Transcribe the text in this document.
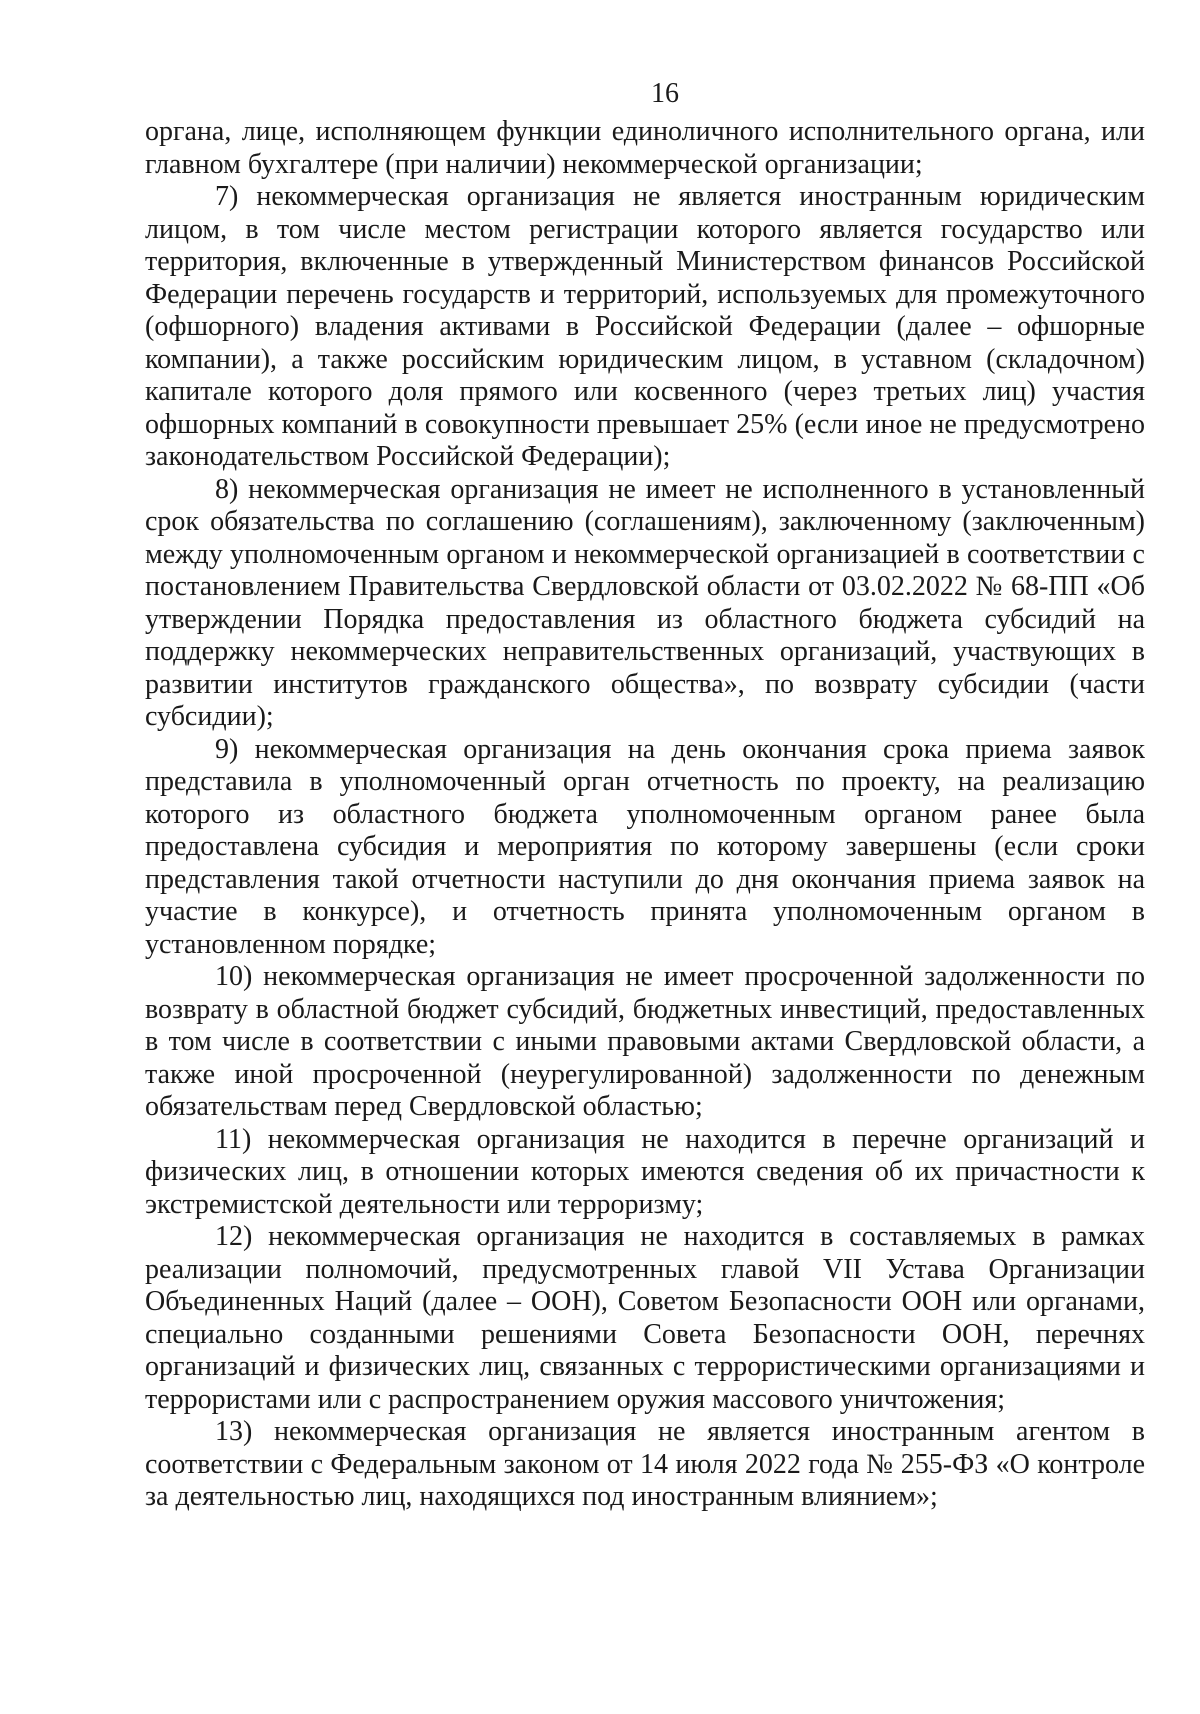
16

органа, лице, исполняющем функции единоличного исполнительного органа, или главном бухгалтере (при наличии) некоммерческой организации;

7) некоммерческая организация не является иностранным юридическим лицом, в том числе местом регистрации которого является государство или территория, включенные в утвержденный Министерством финансов Российской Федерации перечень государств и территорий, используемых для промежуточного (офшорного) владения активами в Российской Федерации (далее – офшорные компании), а также российским юридическим лицом, в уставном (складочном) капитале которого доля прямого или косвенного (через третьих лиц) участия офшорных компаний в совокупности превышает 25% (если иное не предусмотрено законодательством Российской Федерации);

8) некоммерческая организация не имеет не исполненного в установленный срок обязательства по соглашению (соглашениям), заключенному (заключенным) между уполномоченным органом и некоммерческой организацией в соответствии с постановлением Правительства Свердловской области от 03.02.2022 № 68-ПП «Об утверждении Порядка предоставления из областного бюджета субсидий на поддержку некоммерческих неправительственных организаций, участвующих в развитии институтов гражданского общества», по возврату субсидии (части субсидии);

9) некоммерческая организация на день окончания срока приема заявок представила в уполномоченный орган отчетность по проекту, на реализацию которого из областного бюджета уполномоченным органом ранее была предоставлена субсидия и мероприятия по которому завершены (если сроки представления такой отчетности наступили до дня окончания приема заявок на участие в конкурсе), и отчетность принята уполномоченным органом в установленном порядке;

10) некоммерческая организация не имеет просроченной задолженности по возврату в областной бюджет субсидий, бюджетных инвестиций, предоставленных в том числе в соответствии с иными правовыми актами Свердловской области, а также иной просроченной (неурегулированной) задолженности по денежным обязательствам перед Свердловской областью;

11) некоммерческая организация не находится в перечне организаций и физических лиц, в отношении которых имеются сведения об их причастности к экстремистской деятельности или терроризму;

12) некоммерческая организация не находится в составляемых в рамках реализации полномочий, предусмотренных главой VII Устава Организации Объединенных Наций (далее – ООН), Советом Безопасности ООН или органами, специально созданными решениями Совета Безопасности ООН, перечнях организаций и физических лиц, связанных с террористическими организациями и террористами или с распространением оружия массового уничтожения;

13) некоммерческая организация не является иностранным агентом в соответствии с Федеральным законом от 14 июля 2022 года № 255-ФЗ «О контроле за деятельностью лиц, находящихся под иностранным влиянием»;
